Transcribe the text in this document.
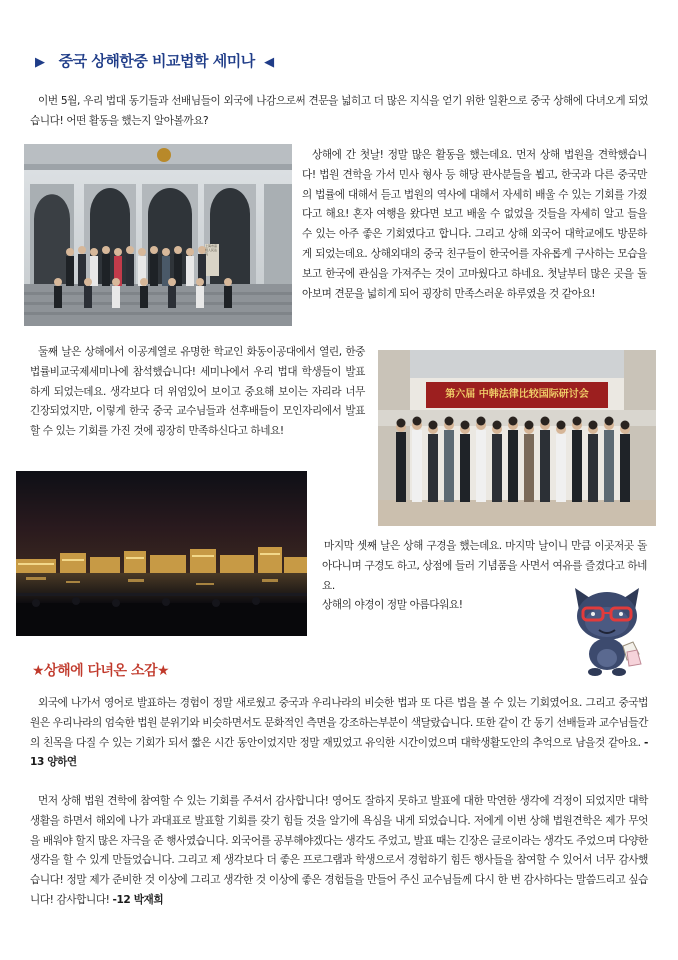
▶ 중국 상해한중 비교법학 세미나 ◀

이번 5월, 우리 법대 동기들과 선배님들이 외국에 나감으로써 견문을 넓히고 더 많은 지식을 얻기 위한 일환으로 중국 상해에 다녀오게 되었습니다! 어떤 활동을 했는지 알아볼까요?

上海市高级人民法院

상해에 간 첫날! 정말 많은 활동을 했는데요. 먼저 상해 법원을 견학했습니다! 법원 견학을 가서 민사 형사 등 해당 판사분들을 뵙고, 한국과 다른 중국만의 법률에 대해서 듣고 법원의 역사에 대해서 자세히 배울 수 있는 기회를 가졌다고 해요! 혼자 여행을 왔다면 보고 배울 수 없었을 것들을 자세히 알고 들을 수 있는 아주 좋은 기회였다고 합니다. 그리고 상해 외국어 대학교에도 방문하게 되었는데요. 상해외대의 중국 친구들이 한국어를 자유롭게 구사하는 모습을 보고 한국에 관심을 가져주는 것이 고마웠다고 하네요. 첫날부터 많은 곳을 돌아보며 견문을 넓히게 되어 굉장히 만족스러운 하루였을 것 같아요!

둘째 날은 상해에서 이공계열로 유명한 학교인 화동이공대에서 열린, 한중법률비교국제세미나에 참석했습니다! 세미나에서 우리 법대 학생들이 발표 하게 되었는데요. 생각보다 더 위엄있어 보이고 중요해 보이는 자리라 너무 긴장되었지만, 이렇게 한국 중국 교수님들과 선후배들이 모인자리에서 발표할 수 있는 기회를 가진 것에 굉장히 만족하신다고 하네요!

第六届 中韩法律比较国际研讨会

마지막 셋째 날은 상해 구경을 했는데요. 마지막 날이니 만큼 이곳저곳 돌아다니며 구경도 하고, 상점에 들러 기념품을 사면서 여유를 즐겼다고 하네요.
상해의 야경이 정말 아름다워요!

★상해에 다녀온 소감★

외국에 나가서 영어로 발표하는 경험이 정말 새로웠고 중국과 우리나라의 비슷한 법과 또 다른 법을 볼 수 있는 기회였어요. 그리고 중국법원은 우리나라의 엄숙한 법원 분위기와 비슷하면서도 문화적인 측면을 강조하는부분이 색달랐습니다. 또한 같이 간 동기 선배들과 교수님들간의 친목을 다질 수 있는 기회가 되서 짧은 시간 동안이었지만 정말 재밌었고 유익한 시간이었으며 대학생활도안의 추억으로 남을것 같아요. - 13 양하연

먼저 상해 법원 견학에 참여할 수 있는 기회를 주셔서 감사합니다! 영어도 잘하지 못하고 발표에 대한 막연한 생각에 걱정이 되었지만 대학 생활을 하면서 해외에 나가 과대표로 발표할 기회를 갖기 힘들 것을 알기에 욕심을 내게 되었습니다. 저에게 이번 상해 법원견학은 제가 무엇을 배워야 할지 많은 자극을 준 행사였습니다. 외국어를 공부해야겠다는 생각도 주었고, 발표 때는 긴장은 글로이라는 생각도 주었으며 다양한 생각을 할 수 있게 만들었습니다. 그리고 제 생각보다 더 좋은 프로그램과 학생으로서 경험하기 힘든 행사들을 참여할 수 있어서 너무 감사했습니다! 정말 제가 준비한 것 이상에 그리고 생각한 것 이상에 좋은 경험들을 만들어 주신 교수님들께 다시 한 번 감사하다는 말씀드리고 싶습니다! 감사합니다! -12 박재희
